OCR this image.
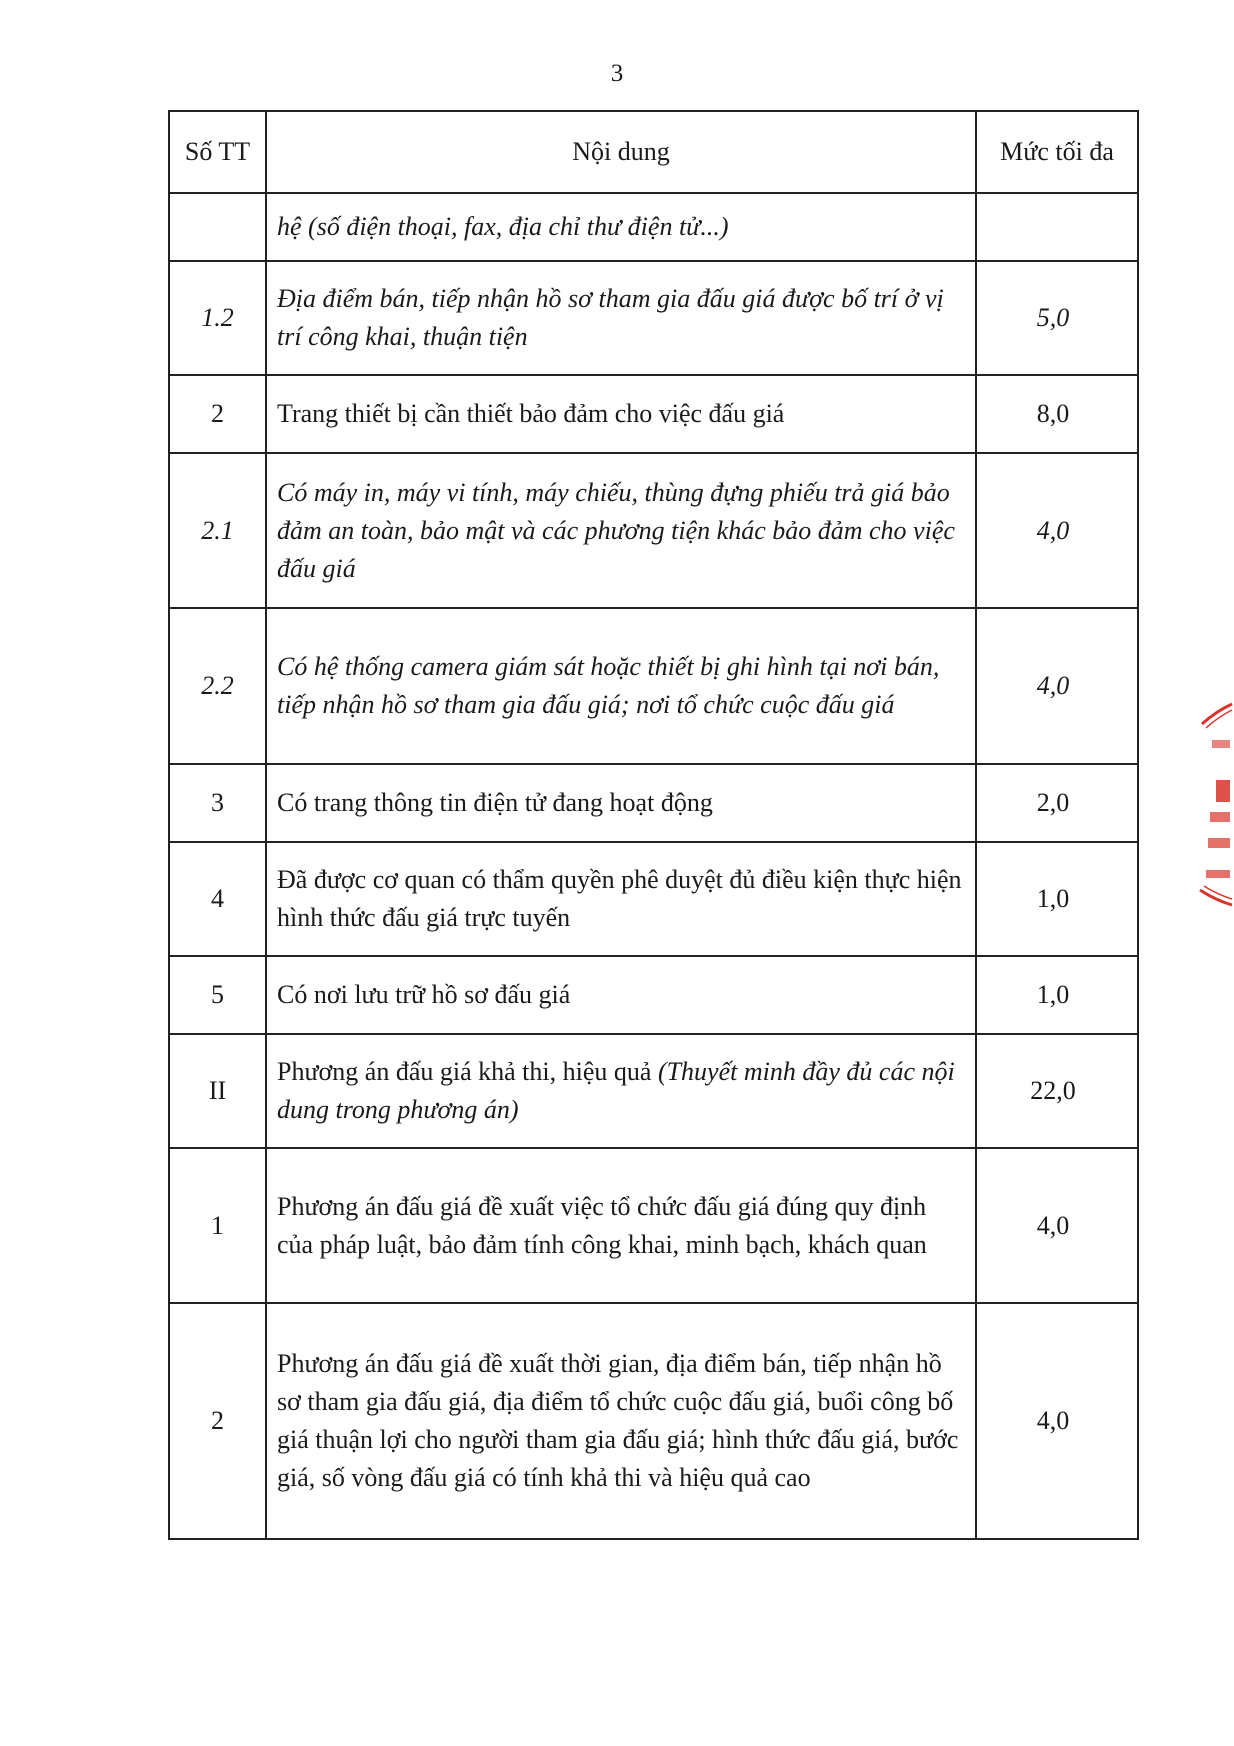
3
Số TT	Nội dung	Mức tối đa
	hệ (số điện thoại, fax, địa chỉ thư điện tử...)	
1.2	Địa điểm bán, tiếp nhận hồ sơ tham gia đấu giá được bố trí ở vị trí công khai, thuận tiện	5,0
2	Trang thiết bị cần thiết bảo đảm cho việc đấu giá	8,0
2.1	Có máy in, máy vi tính, máy chiếu, thùng đựng phiếu trả giá bảo đảm an toàn, bảo mật và các phương tiện khác bảo đảm cho việc đấu giá	4,0
2.2	Có hệ thống camera giám sát hoặc thiết bị ghi hình tại nơi bán, tiếp nhận hồ sơ tham gia đấu giá; nơi tổ chức cuộc đấu giá	4,0
3	Có trang thông tin điện tử đang hoạt động	2,0
4	Đã được cơ quan có thẩm quyền phê duyệt đủ điều kiện thực hiện hình thức đấu giá trực tuyến	1,0
5	Có nơi lưu trữ hồ sơ đấu giá	1,0
II	Phương án đấu giá khả thi, hiệu quả (Thuyết minh đầy đủ các nội dung trong phương án)	22,0
1	Phương án đấu giá đề xuất việc tổ chức đấu giá đúng quy định của pháp luật, bảo đảm tính công khai, minh bạch, khách quan	4,0
2	Phương án đấu giá đề xuất thời gian, địa điểm bán, tiếp nhận hồ sơ tham gia đấu giá, địa điểm tổ chức cuộc đấu giá, buổi công bố giá thuận lợi cho người tham gia đấu giá; hình thức đấu giá, bước giá, số vòng đấu giá có tính khả thi và hiệu quả cao	4,0
